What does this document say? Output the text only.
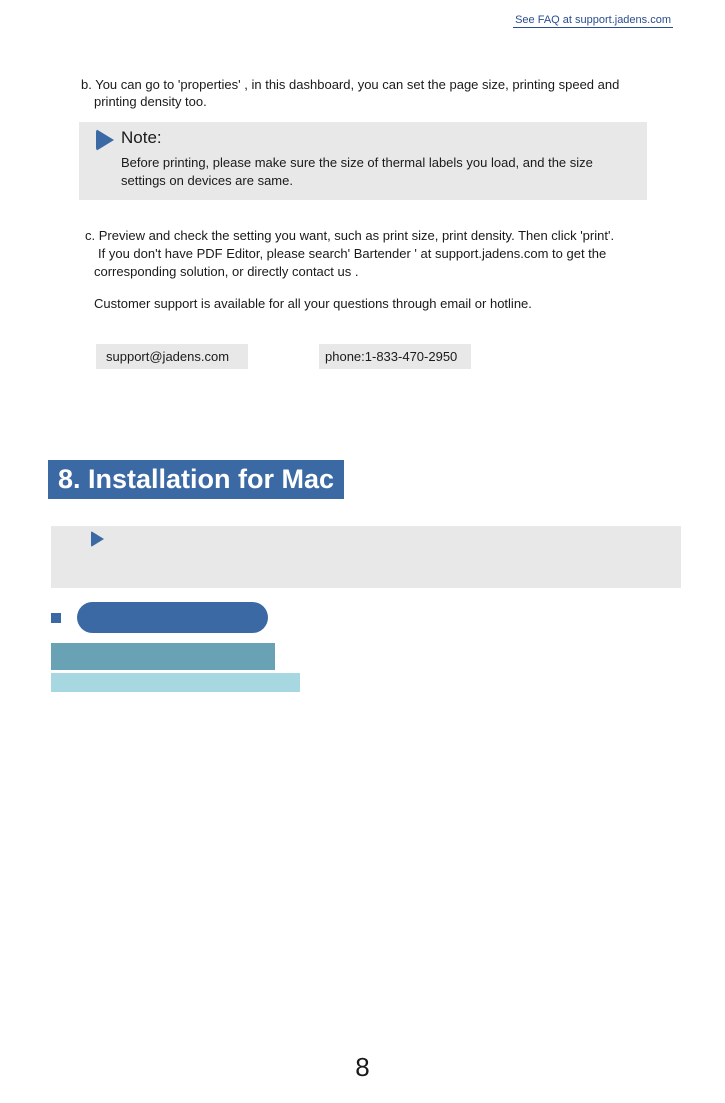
See FAQ at support.jadens.com
b. You can go to 'properties' , in this dashboard, you can set the page size, printing speed and
printing density too.
Note:
Before printing, please make sure the size of thermal labels you load, and the size
settings on devices are same.
c. Preview and check the setting you want, such as print size, print density. Then click 'print'.
If you don't have PDF Editor, please search' Bartender ' at support.jadens.com to get the
corresponding solution, or directly contact us .
Customer support is available for all your questions through email or hotline.
support@jadens.com	phone:1-833-470-2950
8. Installation for Mac
8
